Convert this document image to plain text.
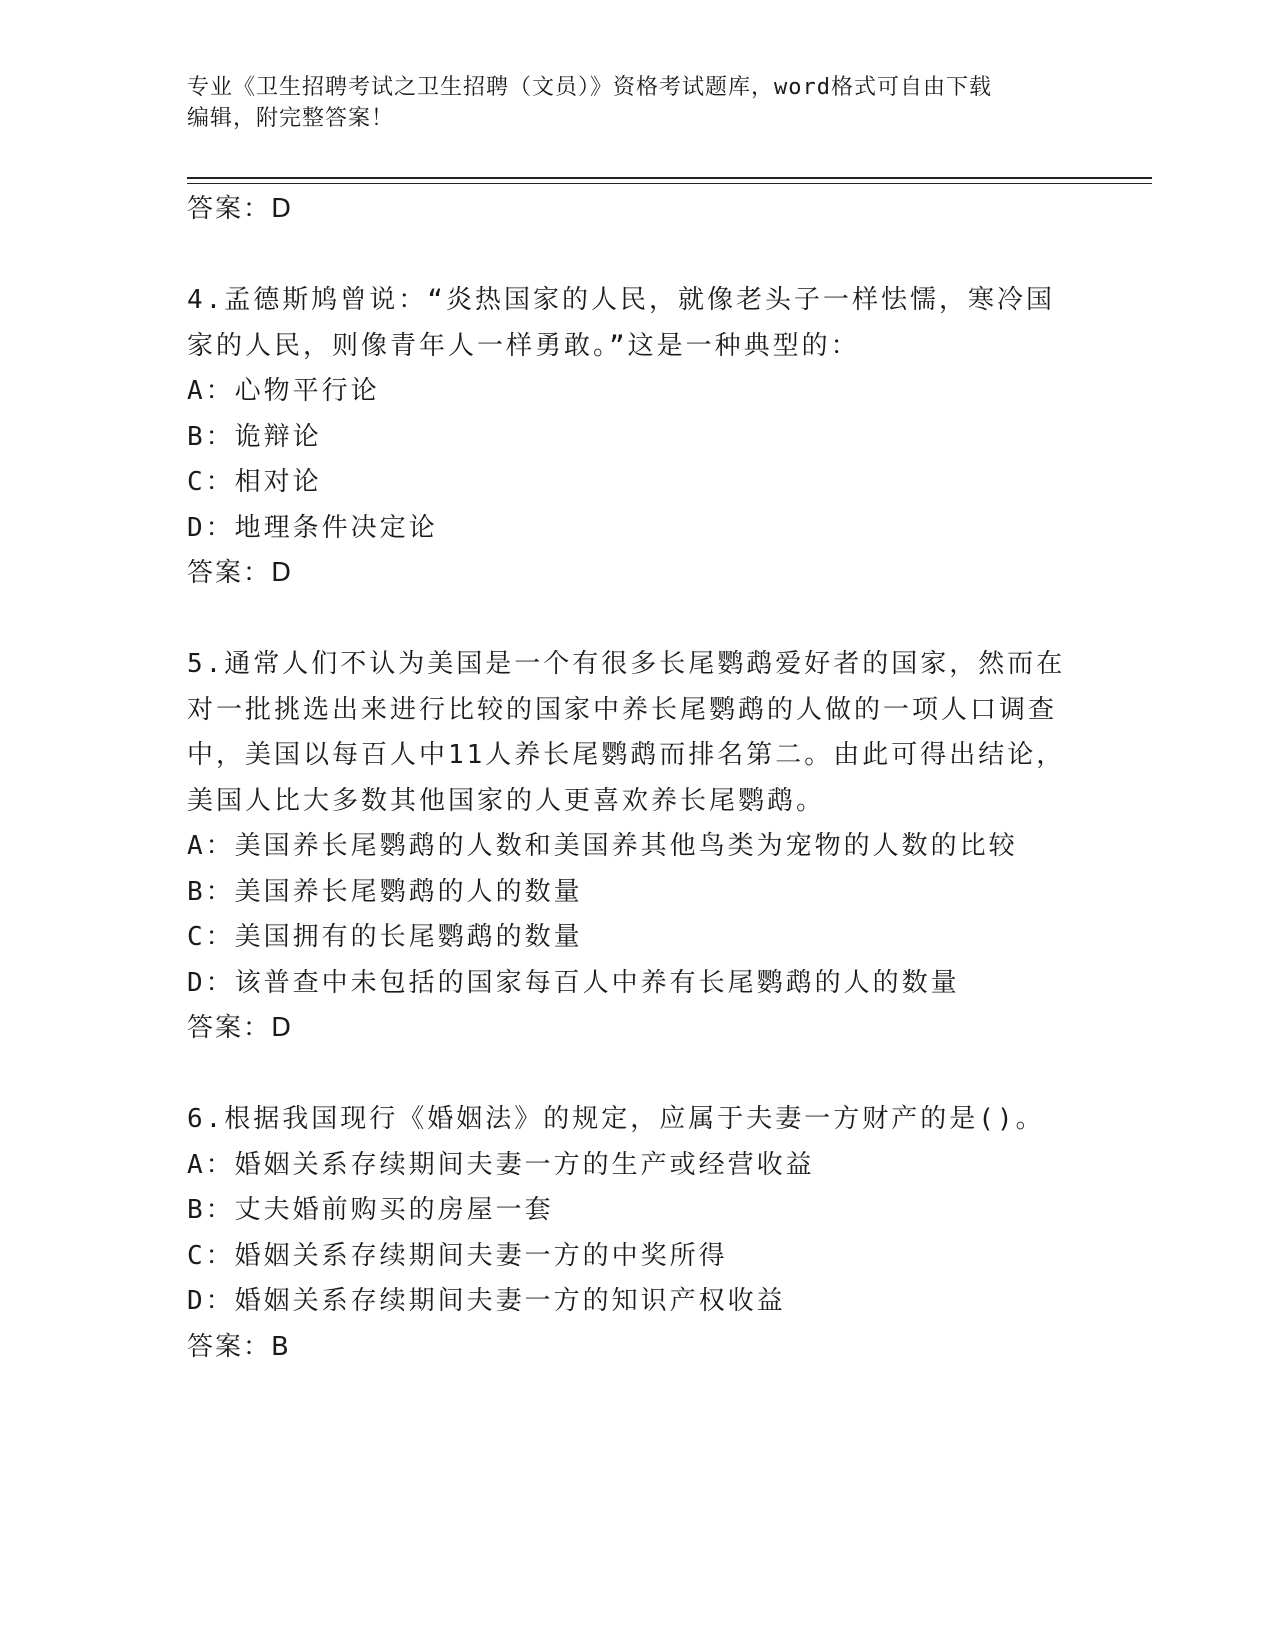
专业《卫生招聘考试之卫生招聘（文员）》资格考试题库，word格式可自由下载
编辑，附完整答案！
答案：D
4.孟德斯鸠曾说：“炎热国家的人民，就像老头子一样怯懦，寒冷国
家的人民，则像青年人一样勇敢。”这是一种典型的：
A：心物平行论
B：诡辩论
C：相对论
D：地理条件决定论
答案：D
5.通常人们不认为美国是一个有很多长尾鹦鹉爱好者的国家，然而在
对一批挑选出来进行比较的国家中养长尾鹦鹉的人做的一项人口调查
中，美国以每百人中11人养长尾鹦鹉而排名第二。由此可得出结论，
美国人比大多数其他国家的人更喜欢养长尾鹦鹉。
A：美国养长尾鹦鹉的人数和美国养其他鸟类为宠物的人数的比较
B：美国养长尾鹦鹉的人的数量
C：美国拥有的长尾鹦鹉的数量
D：该普查中未包括的国家每百人中养有长尾鹦鹉的人的数量
答案：D
6.根据我国现行《婚姻法》的规定，应属于夫妻一方财产的是()。
A：婚姻关系存续期间夫妻一方的生产或经营收益
B：丈夫婚前购买的房屋一套
C：婚姻关系存续期间夫妻一方的中奖所得
D：婚姻关系存续期间夫妻一方的知识产权收益
答案：B
